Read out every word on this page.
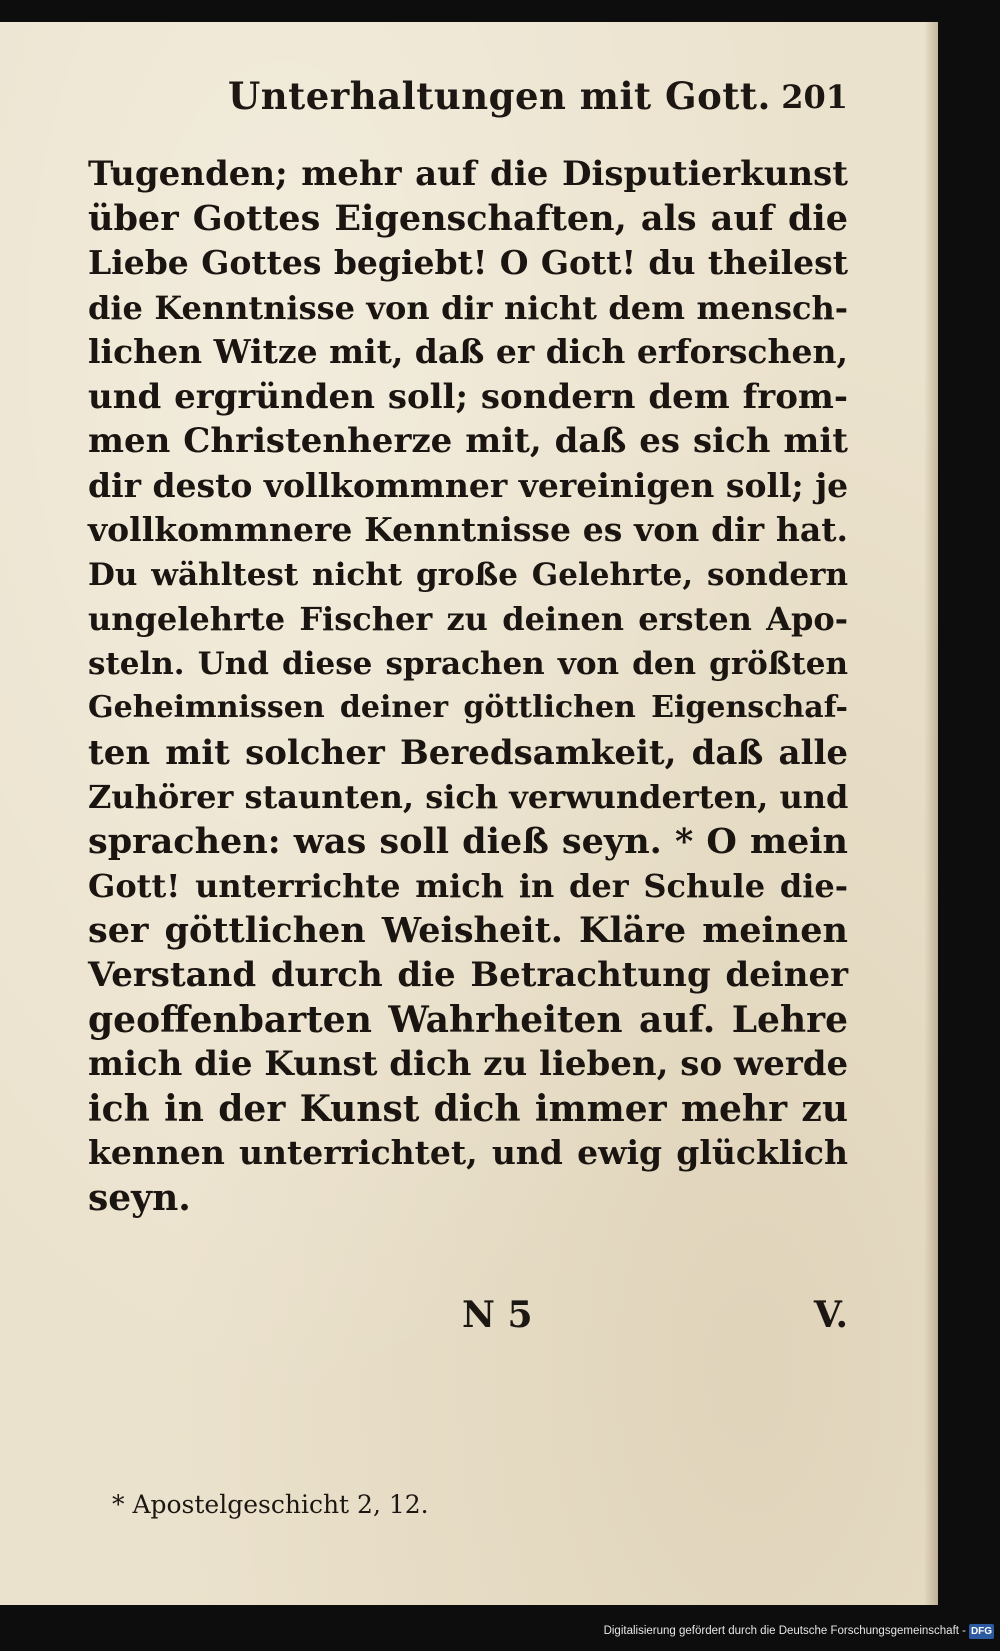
Unterhaltungen mit Gott. 201
Tugenden; mehr auf die Disputierkunst
über Gottes Eigenschaften, als auf die
Liebe Gottes begiebt! O Gott! du theilest
die Kenntnisse von dir nicht dem mensch-
lichen Witze mit, daß er dich erforschen,
und ergründen soll; sondern dem from-
men Christenherze mit, daß es sich mit
dir desto vollkommner vereinigen soll; je
vollkommnere Kenntnisse es von dir hat.
Du wähltest nicht große Gelehrte, sondern
ungelehrte Fischer zu deinen ersten Apo-
steln. Und diese sprachen von den größten
Geheimnissen deiner göttlichen Eigenschaf-
ten mit solcher Beredsamkeit, daß alle
Zuhörer staunten, sich verwunderten, und
sprachen: was soll dieß seyn. * O mein
Gott! unterrichte mich in der Schule die-
ser göttlichen Weisheit. Kläre meinen
Verstand durch die Betrachtung deiner
geoffenbarten Wahrheiten auf. Lehre
mich die Kunst dich zu lieben, so werde
ich in der Kunst dich immer mehr zu
kennen unterrichtet, und ewig glücklich
seyn.
N 5	V.
* Apostelgeschicht 2, 12.
Digitalisierung gefördert durch die Deutsche Forschungsgemeinschaft - DFG
